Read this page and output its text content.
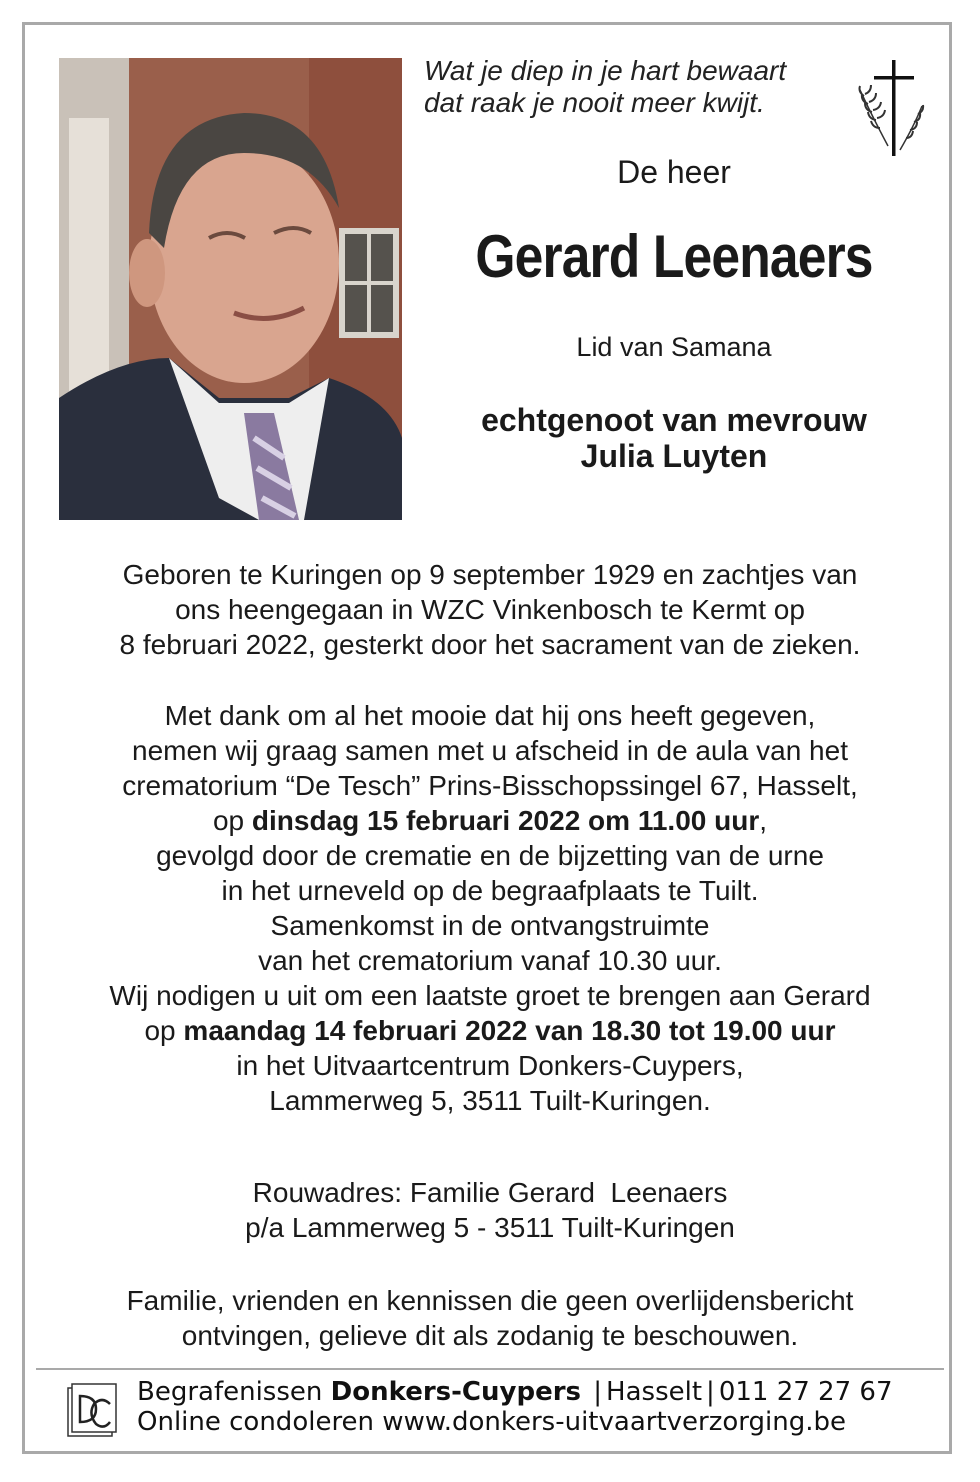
Wat je diep in je hart bewaart
dat raak je nooit meer kwijt.
De heer
Gerard Leenaers
Lid van Samana
echtgenoot van mevrouw
Julia Luyten

Geboren te Kuringen op 9 september 1929 en zachtjes van

ons heengegaan in WZC Vinkenbosch te Kermt op

8 februari 2022, gesterkt door het sacrament van de zieken.

Met dank om al het mooie dat hij ons heeft gegeven,

nemen wij graag samen met u afscheid in de aula van het

crematorium “De Tesch” Prins-Bisschopssingel 67, Hasselt,

op dinsdag 15 februari 2022 om 11.00 uur,

gevolgd door de crematie en de bijzetting van de urne

in het urneveld op de begraafplaats te Tuilt.

Samenkomst in de ontvangstruimte

van het crematorium vanaf 10.30 uur.

Wij nodigen u uit om een laatste groet te brengen aan Gerard

op maandag 14 februari 2022 van 18.30 tot 19.00 uur

in het Uitvaartcentrum Donkers-Cuypers,

Lammerweg 5, 3511 Tuilt-Kuringen.

Rouwadres: Familie Gerard  Leenaers

p/a Lammerweg 5 - 3511 Tuilt-Kuringen

Familie, vrienden en kennissen die geen overlijdensbericht

ontvingen, gelieve dit als zodanig te beschouwen.

Begrafenissen Donkers-Cuypers | Hasselt | 011 27 27 67
Online condoleren www.donkers-uitvaartverzorging.be
